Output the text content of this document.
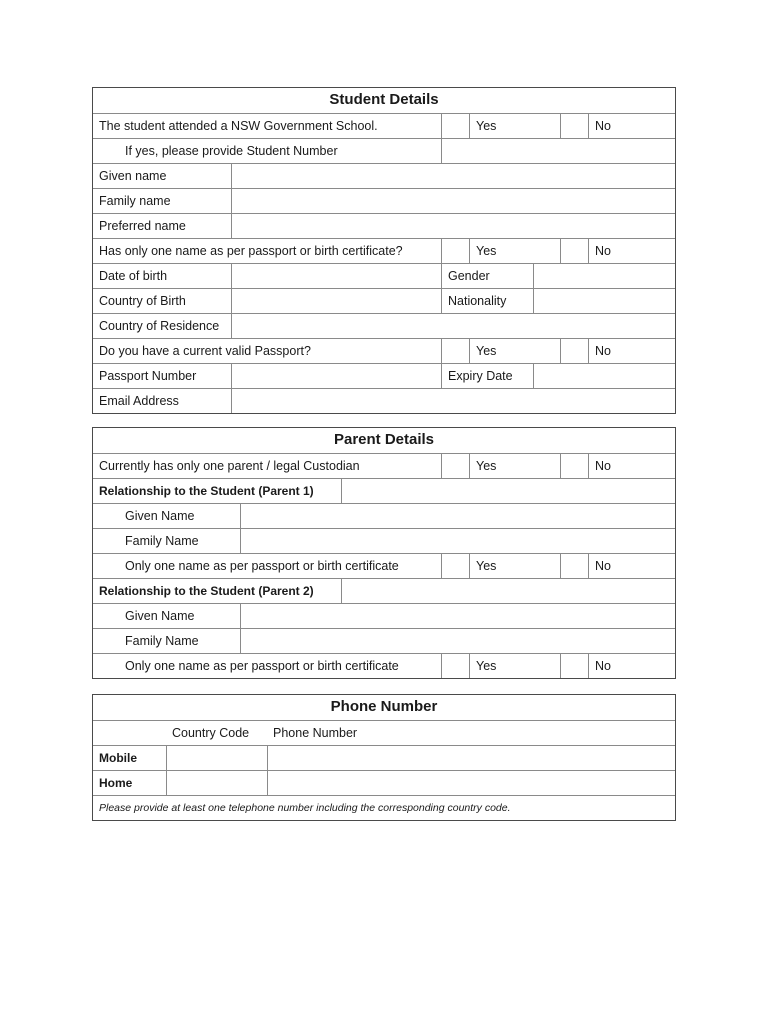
Student Details
The student attended a NSW Government School.	Yes	No
If yes, please provide Student Number
Given name
Family name
Preferred name
Has only one name as per passport or birth certificate?	Yes	No
Date of birth	Gender
Country of Birth	Nationality
Country of Residence
Do you have a current valid Passport?	Yes	No
Passport Number	Expiry Date
Email Address
Parent Details
Currently has only one parent / legal Custodian	Yes	No
Relationship to the Student (Parent 1)
Given Name
Family Name
Only one name as per passport or birth certificate	Yes	No
Relationship to the Student (Parent 2)
Given Name
Family Name
Only one name as per passport or birth certificate	Yes	No
Phone Number
Country Code	Phone Number
Mobile
Home
Please provide at least one telephone number including the corresponding country code.
